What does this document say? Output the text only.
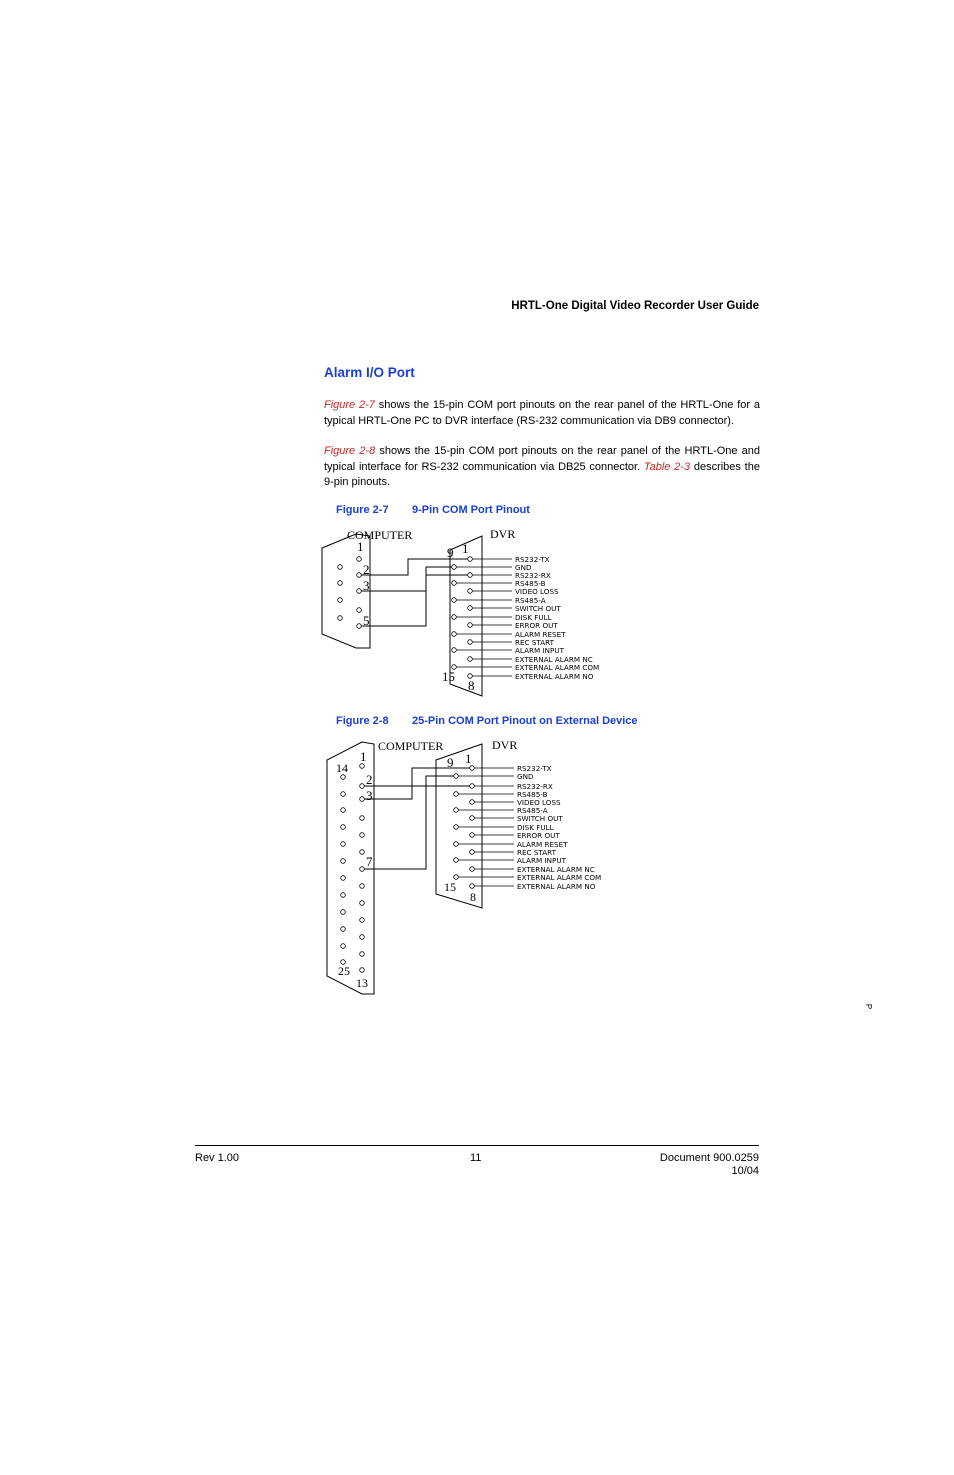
HRTL-One Digital Video Recorder User Guide
Alarm I/O Port
Figure 2-7 shows the 15-pin COM port pinouts on the rear panel of the HRTL-One for a typical HRTL-One PC to DVR interface (RS-232 communication via DB9 connector).
Figure 2-8 shows the 15-pin COM port pinouts on the rear panel of the HRTL-One and typical interface for RS-232 communication via DB25 connector. Table 2-3 describes the 9-pin pinouts.
Figure 2-7 9-Pin COM Port Pinout
COMPUTER	DVR
1
2
3
5
9 1
15
8
RS232-TX
GND
RS232-RX
RS485-B
VIDEO LOSS
RS485-A
SWITCH OUT
DISK FULL
ERROR OUT
ALARM RESET
REC START
ALARM INPUT
EXTERNAL ALARM NC
EXTERNAL ALARM COM
EXTERNAL ALARM NO
Figure 2-8 25-Pin COM Port Pinout on External Device
COMPUTER	DVR
1
14
2
3
7
25
13
9 1
15
8
RS232-TX
GND
RS232-RX
RS485-B
VIDEO LOSS
RS485-A
SWITCH OUT
DISK FULL
ERROR OUT
ALARM RESET
REC START
ALARM INPUT
EXTERNAL ALARM NC
EXTERNAL ALARM COM
EXTERNAL ALARM NO
P
Rev 1.00	11	Document 900.0259
10/04
